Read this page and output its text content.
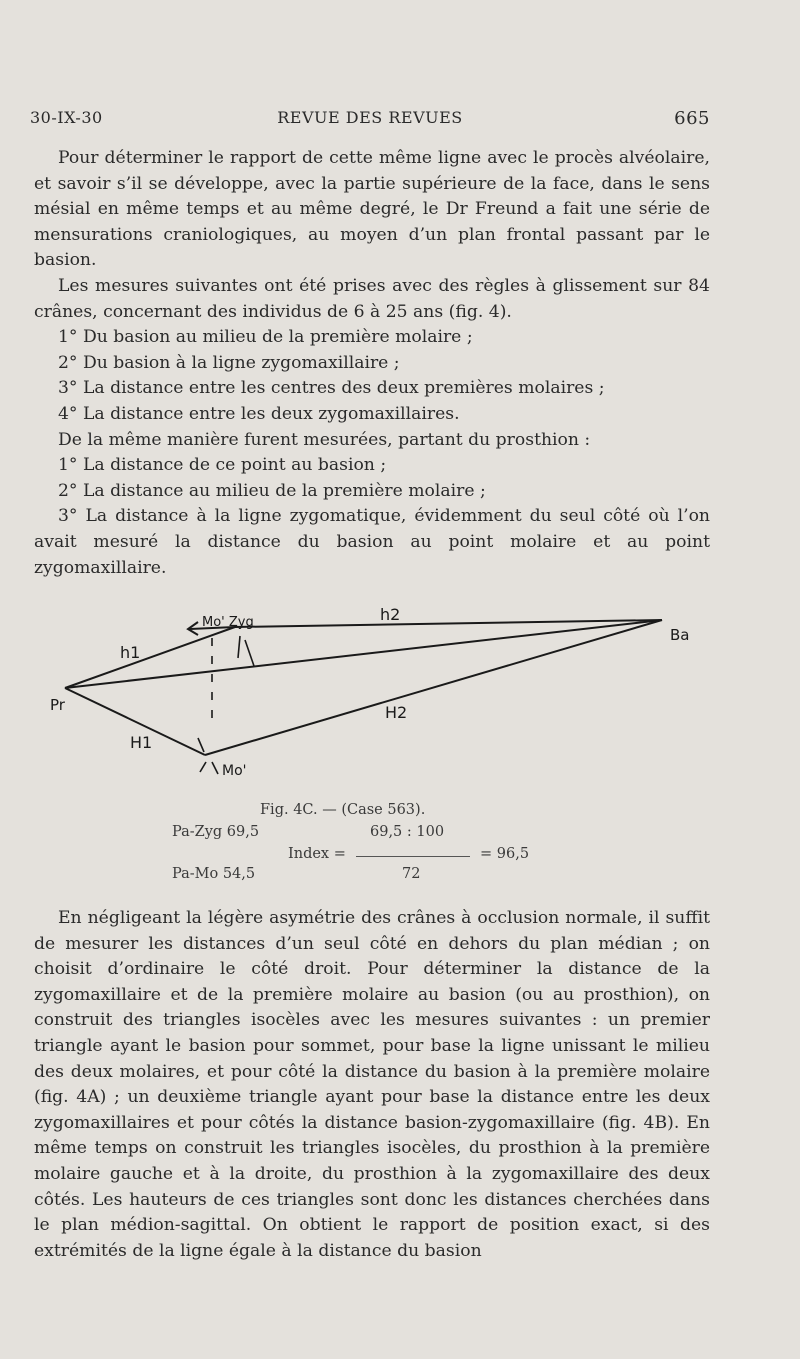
30-IX-30	REVUE DES REVUES	665

Pour déterminer le rapport de cette même ligne avec le procès alvéolaire, et savoir s’il se développe, avec la partie supérieure de la face, dans le sens mésial en même temps et au même degré, le Dr Freund a fait une série de mensurations craniologiques, au moyen d’un plan frontal passant par le basion.

Les mesures suivantes ont été prises avec des règles à glissement sur 84 crânes, concernant des individus de 6 à 25 ans (fig. 4).

1° Du basion au milieu de la première molaire ;

2° Du basion à la ligne zygomaxillaire ;

3° La distance entre les centres des deux premières molaires ;

4° La distance entre les deux zygomaxillaires.

De la même manière furent mesurées, partant du prosthion :

1° La distance de ce point au basion ;

2° La distance au milieu de la première molaire ;

3° La distance à la ligne zygomatique, évidemment du seul côté où l’on avait mesuré la distance du basion au point molaire et au point zygomaxillaire.

Mo' Zyg	h2
Ba
h1
Pr	H2
H1
Mo'
Fig. 4C. — (Case 563).
Pa-Zyg 69,5	69,5 : 100
Index =	= 96,5
Pa-Mo 54,5	72

En négligeant la légère asymétrie des crânes à occlusion normale, il suffit de mesurer les distances d’un seul côté en dehors du plan médian ; on choisit d’ordinaire le côté droit. Pour déterminer la distance de la zygomaxillaire et de la première molaire au basion (ou au prosthion), on construit des triangles isocèles avec les mesures suivantes : un premier triangle ayant le basion pour sommet, pour base la ligne unissant le milieu des deux molaires, et pour côté la distance du basion à la première molaire (fig. 4A) ; un deuxième triangle ayant pour base la distance entre les deux zygomaxillaires et pour côtés la distance basion-zygomaxillaire (fig. 4B). En même temps on construit les triangles isocèles, du prosthion à la première molaire gauche et à la droite, du prosthion à la zygomaxillaire des deux côtés. Les hauteurs de ces triangles sont donc les distances cherchées dans le plan médion-sagittal. On obtient le rapport de position exact, si des extrémités de la ligne égale à la distance du basion
